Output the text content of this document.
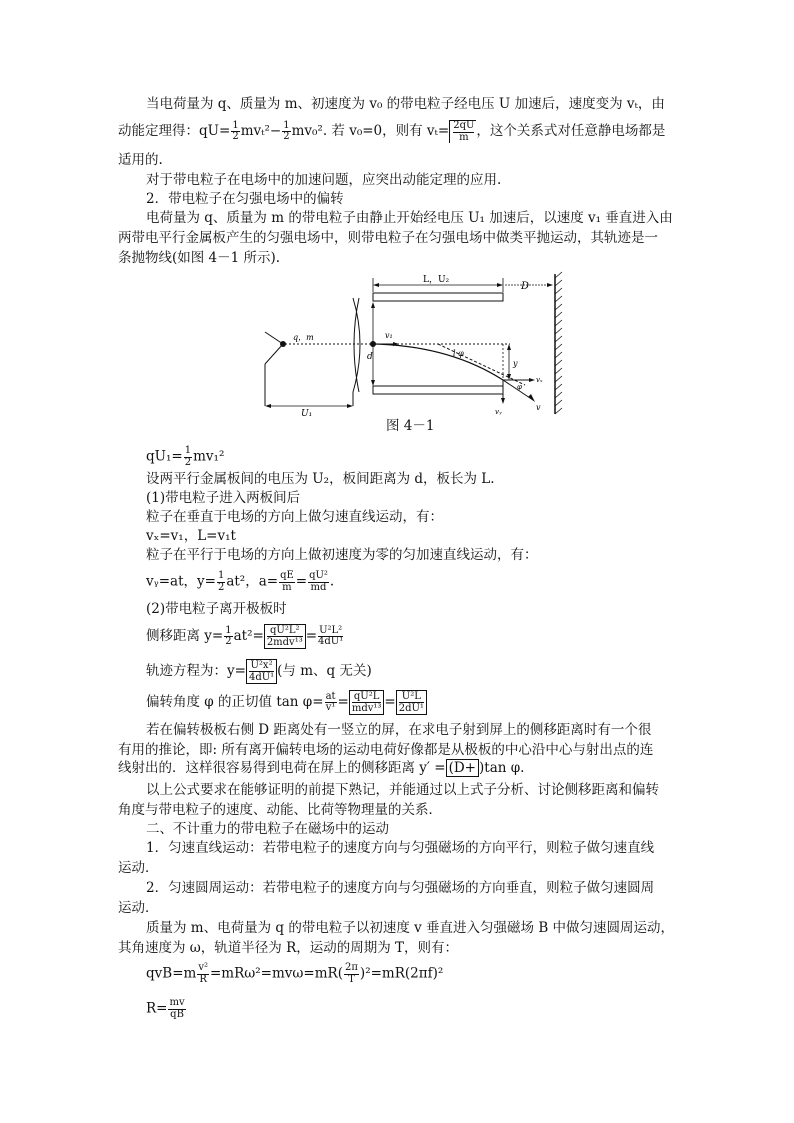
当电荷量为 q、质量为 m、初速度为 v₀ 的带电粒子经电压 U 加速后，速度变为 vₜ，由
动能定理得：$qU= \frac{1}{2} mv_t^2- \frac{1}{2} mv_0^2$. 若 v₀=0，则有 $v_t= \frac{2qU}{m}$ ，这个关系式对任意静电场都是
适用的.
对于带电粒子在电场中的加速问题，应突出动能定理的应用.
2．带电粒子在匀强电场中的偏转
电荷量为 q、质量为 m 的带电粒子由静止开始经电压 U₁ 加速后，以速度 v₁ 垂直进入由
两带电平行金属板产生的匀强电场中，则带电粒子在匀强电场中做类平抛运动，其轨迹是一
条抛物线(如图 4－1 所示).
L，U₂
D
d
U₁
q，m	v₁
l φ
y
vₓ
vᵧ	v
φ
图 4－1
$qU_1= \frac{1}{2} mv_1^2$
设两平行金属板间的电压为 U₂，板间距离为 d，板长为 L.
(1)带电粒子进入两板间后
粒子在垂直于电场的方向上做匀速直线运动，有：
vₓ=v₁，L=v₁t
粒子在平行于电场的方向上做初速度为零的匀加速直线运动，有：
vᵧ=at，$y= \frac{1}{2} at^2$，$a= \frac{qE}{m} = \frac{\text{qU²}}{md}$ .
(2)带电粒子离开极板时
侧移距离 $y= \frac{1}{2} at^2= qU^2L^2$
$2mdv^{13} = \frac{\text{U²L²}}{\text{4dU¹}}$
轨迹方程为：$y= \frac{\text{U²x²}}{\text{4dU¹}}$ (与 m、q 无关)
偏转角度 φ 的正切值 $\tan \varphi= \frac{at}{\text{v¹}} = qU^2L$
$mdv^{13} = \frac{\text{U²L}}{\text{2dU¹}}$
若在偏转极板右侧 D 距离处有一竖立的屏，在求电子射到屏上的侧移距离时有一个很
有用的推论，即: 所有离开偏转电场的运动电荷好像都是从极板的中心沿中心与射出点的连
线射出的．这样很容易得到电荷在屏上的侧移距离 y′ = (D+ )tan φ.
以上公式要求在能够证明的前提下熟记，并能通过以上式子分析、讨论侧移距离和偏转
角度与带电粒子的速度、动能、比荷等物理量的关系．
二、不计重力的带电粒子在磁场中的运动
1．匀速直线运动：若带电粒子的速度方向与匀强磁场的方向平行，则粒子做匀速直线
运动．
2．匀速圆周运动：若带电粒子的速度方向与匀强磁场的方向垂直，则粒子做匀速圆周
运动．
质量为 m、电荷量为 q 的带电粒子以初速度 v 垂直进入匀强磁场 B 中做匀速圆周运动，
其角速度为 ω，轨道半径为 R，运动的周期为 T，则有：
$qvB=m \frac{\text{v²}}{R} =mR\omega^2=mv\omega=mR( \frac{2\pi}{T} )^2=mR(2\pi f)^2$
$R= \frac{mv}{qB}$
